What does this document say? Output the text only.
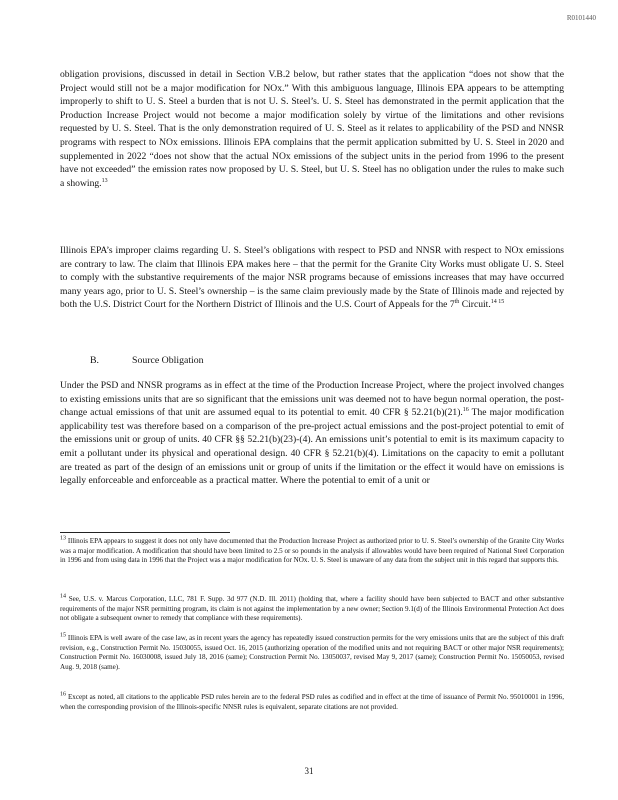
R0101440

obligation provisions, discussed in detail in Section V.B.2 below, but rather states that the application “does not show that the Project would still not be a major modification for NOx.” With this ambiguous language, Illinois EPA appears to be attempting improperly to shift to U. S. Steel a burden that is not U. S. Steel’s. U. S. Steel has demonstrated in the permit application that the Production Increase Project would not become a major modification solely by virtue of the limitations and other revisions requested by U. S. Steel. That is the only demonstration required of U. S. Steel as it relates to applicability of the PSD and NNSR programs with respect to NOx emissions. Illinois EPA complains that the permit application submitted by U. S. Steel in 2020 and supplemented in 2022 “does not show that the actual NOx emissions of the subject units in the period from 1996 to the present have not exceeded” the emission rates now proposed by U. S. Steel, but U. S. Steel has no obligation under the rules to make such a showing.$^{13}$

Illinois EPA’s improper claims regarding U. S. Steel’s obligations with respect to PSD and NNSR with respect to NOx emissions are contrary to law. The claim that Illinois EPA makes here – that the permit for the Granite City Works must obligate U. S. Steel to comply with the substantive requirements of the major NSR programs because of emissions increases that may have occurred many years ago, prior to U. S. Steel’s ownership – is the same claim previously made by the State of Illinois made and rejected by both the U.S. District Court for the Northern District of Illinois and the U.S. Court of Appeals for the 7th Circuit.$^{14 15}$

B.	Source Obligation

Under the PSD and NNSR programs as in effect at the time of the Production Increase Project, where the project involved changes to existing emissions units that are so significant that the emissions unit was deemed not to have begun normal operation, the post-change actual emissions of that unit are assumed equal to its potential to emit. 40 CFR § 52.21(b)(21).$^{16}$ The major modification applicability test was therefore based on a comparison of the pre-project actual emissions and the post-project potential to emit of the emissions unit or group of units. 40 CFR §§ 52.21(b)(23)-(4). An emissions unit’s potential to emit is its maximum capacity to emit a pollutant under its physical and operational design. 40 CFR § 52.21(b)(4). Limitations on the capacity to emit a pollutant are treated as part of the design of an emissions unit or group of units if the limitation or the effect it would have on emissions is legally enforceable and enforceable as a practical matter. Where the potential to emit of a unit or

$^{13}$ Illinois EPA appears to suggest it does not only have documented that the Production Increase Project as authorized prior to U. S. Steel’s ownership of the Granite City Works was a major modification. A modification that should have been limited to 2.5 or so pounds in the analysis if allowables would have been required of National Steel Corporation in 1996 and from using data in 1996 that the Project was a major modification for NOx. U. S. Steel is unaware of any data from the subject unit in this regard that supports this.

$^{14}$ See, U.S. v. Marcus Corporation, LLC, 781 F. Supp. 3d 977 (N.D. Ill. 2011) (holding that, where a facility should have been subjected to BACT and other substantive requirements of the major NSR permitting program, its claim is not against the implementation by a new owner; Section 9.1(d) of the Illinois Environmental Protection Act does not obligate a subsequent owner to remedy that compliance with these requirements).

$^{15}$ Illinois EPA is well aware of the case law, as in recent years the agency has repeatedly issued construction permits for the very emissions units that are the subject of this draft revision, e.g., Construction Permit No. 15030055, issued Oct. 16, 2015 (authorizing operation of the modified units and not requiring BACT or other major NSR requirements); Construction Permit No. 16030008, issued July 18, 2016 (same); Construction Permit No. 13050037, revised May 9, 2017 (same); Construction Permit No. 15050053, revised Aug. 9, 2018 (same).

$^{16}$ Except as noted, all citations to the applicable PSD rules herein are to the federal PSD rules as codified and in effect at the time of issuance of Permit No. 95010001 in 1996, when the corresponding provision of the Illinois-specific NNSR rules is equivalent, separate citations are not provided.

31
